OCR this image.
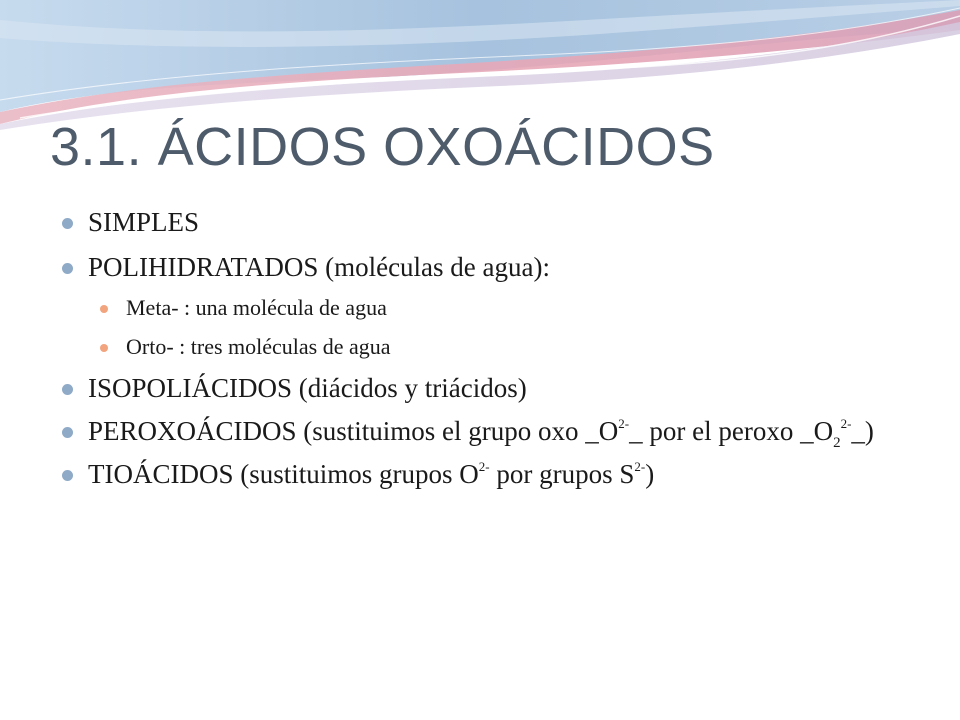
3.1. ÁCIDOS OXOÁCIDOS
SIMPLES
POLIHIDRATADOS (moléculas de agua):
Meta- : una molécula de agua
Orto- : tres moléculas de agua
ISOPOLIÁCIDOS (diácidos y triácidos)
PEROXOÁCIDOS (sustituimos el grupo oxo $\_O^{2-}\_$ por el peroxo $\_O_2^{2-}\_$)
TIOÁCIDOS (sustituimos grupos $O^{2-}$ por grupos $S^{2-}$)
